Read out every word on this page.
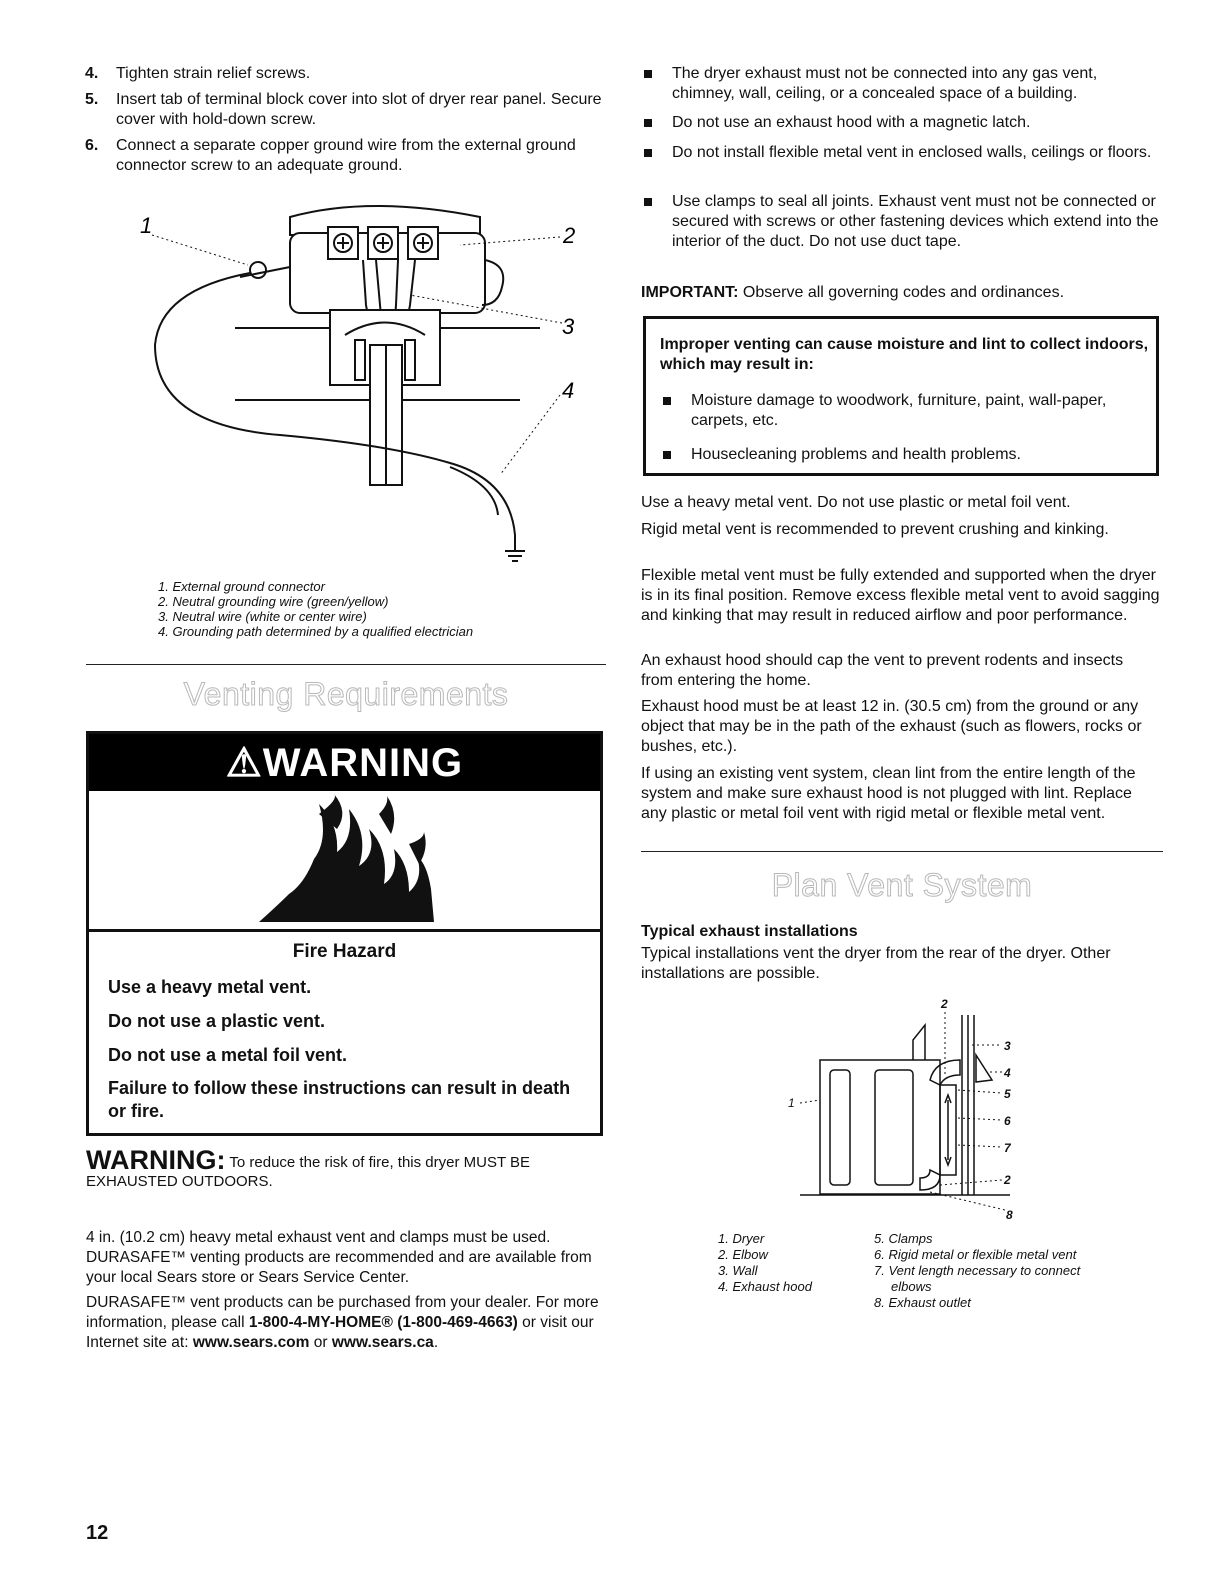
4.	Tighten strain relief screws.
5.	Insert tab of terminal block cover into slot of dryer rear panel. Secure cover with hold-down screw.
6.	Connect a separate copper ground wire from the external ground connector screw to an adequate ground.
1	2
3
4
1. External ground connector
2. Neutral grounding wire (green/yellow)
3. Neutral wire (white or center wire)
4. Grounding path determined by a qualified electrician
Venting Requirements
⚠WARNING
Fire Hazard
Use a heavy metal vent.
Do not use a plastic vent.
Do not use a metal foil vent.
Failure to follow these instructions can result in death or fire.
WARNING: To reduce the risk of fire, this dryer MUST BE EXHAUSTED OUTDOORS.
4 in. (10.2 cm) heavy metal exhaust vent and clamps must be used. DURASAFE™ venting products are recommended and are available from your local Sears store or Sears Service Center.
DURASAFE™ vent products can be purchased from your dealer. For more information, please call 1-800-4-MY-HOME® (1-800-469-4663) or visit our Internet site at: www.sears.com or www.sears.ca.
12
The dryer exhaust must not be connected into any gas vent, chimney, wall, ceiling, or a concealed space of a building.
Do not use an exhaust hood with a magnetic latch.
Do not install flexible metal vent in enclosed walls, ceilings or floors.
Use clamps to seal all joints. Exhaust vent must not be connected or secured with screws or other fastening devices which extend into the interior of the duct. Do not use duct tape.
IMPORTANT: Observe all governing codes and ordinances.
Improper venting can cause moisture and lint to collect indoors, which may result in:
Moisture damage to woodwork, furniture, paint, wall-paper, carpets, etc.
Housecleaning problems and health problems.
Use a heavy metal vent. Do not use plastic or metal foil vent.
Rigid metal vent is recommended to prevent crushing and kinking.
Flexible metal vent must be fully extended and supported when the dryer is in its final position. Remove excess flexible metal vent to avoid sagging and kinking that may result in reduced airflow and poor performance.
An exhaust hood should cap the vent to prevent rodents and insects from entering the home.
Exhaust hood must be at least 12 in. (30.5 cm) from the ground or any object that may be in the path of the exhaust (such as flowers, rocks or bushes, etc.).
If using an existing vent system, clean lint from the entire length of the system and make sure exhaust hood is not plugged with lint. Replace any plastic or metal foil vent with rigid metal or flexible metal vent.
Plan Vent System
Typical exhaust installations
Typical installations vent the dryer from the rear of the dryer. Other installations are possible.
2
3
4
1
5
6
7
2
8
1. Dryer
2. Elbow
3. Wall
4. Exhaust hood
5. Clamps
6. Rigid metal or flexible metal vent
7. Vent length necessary to connect
elbows
8. Exhaust outlet
